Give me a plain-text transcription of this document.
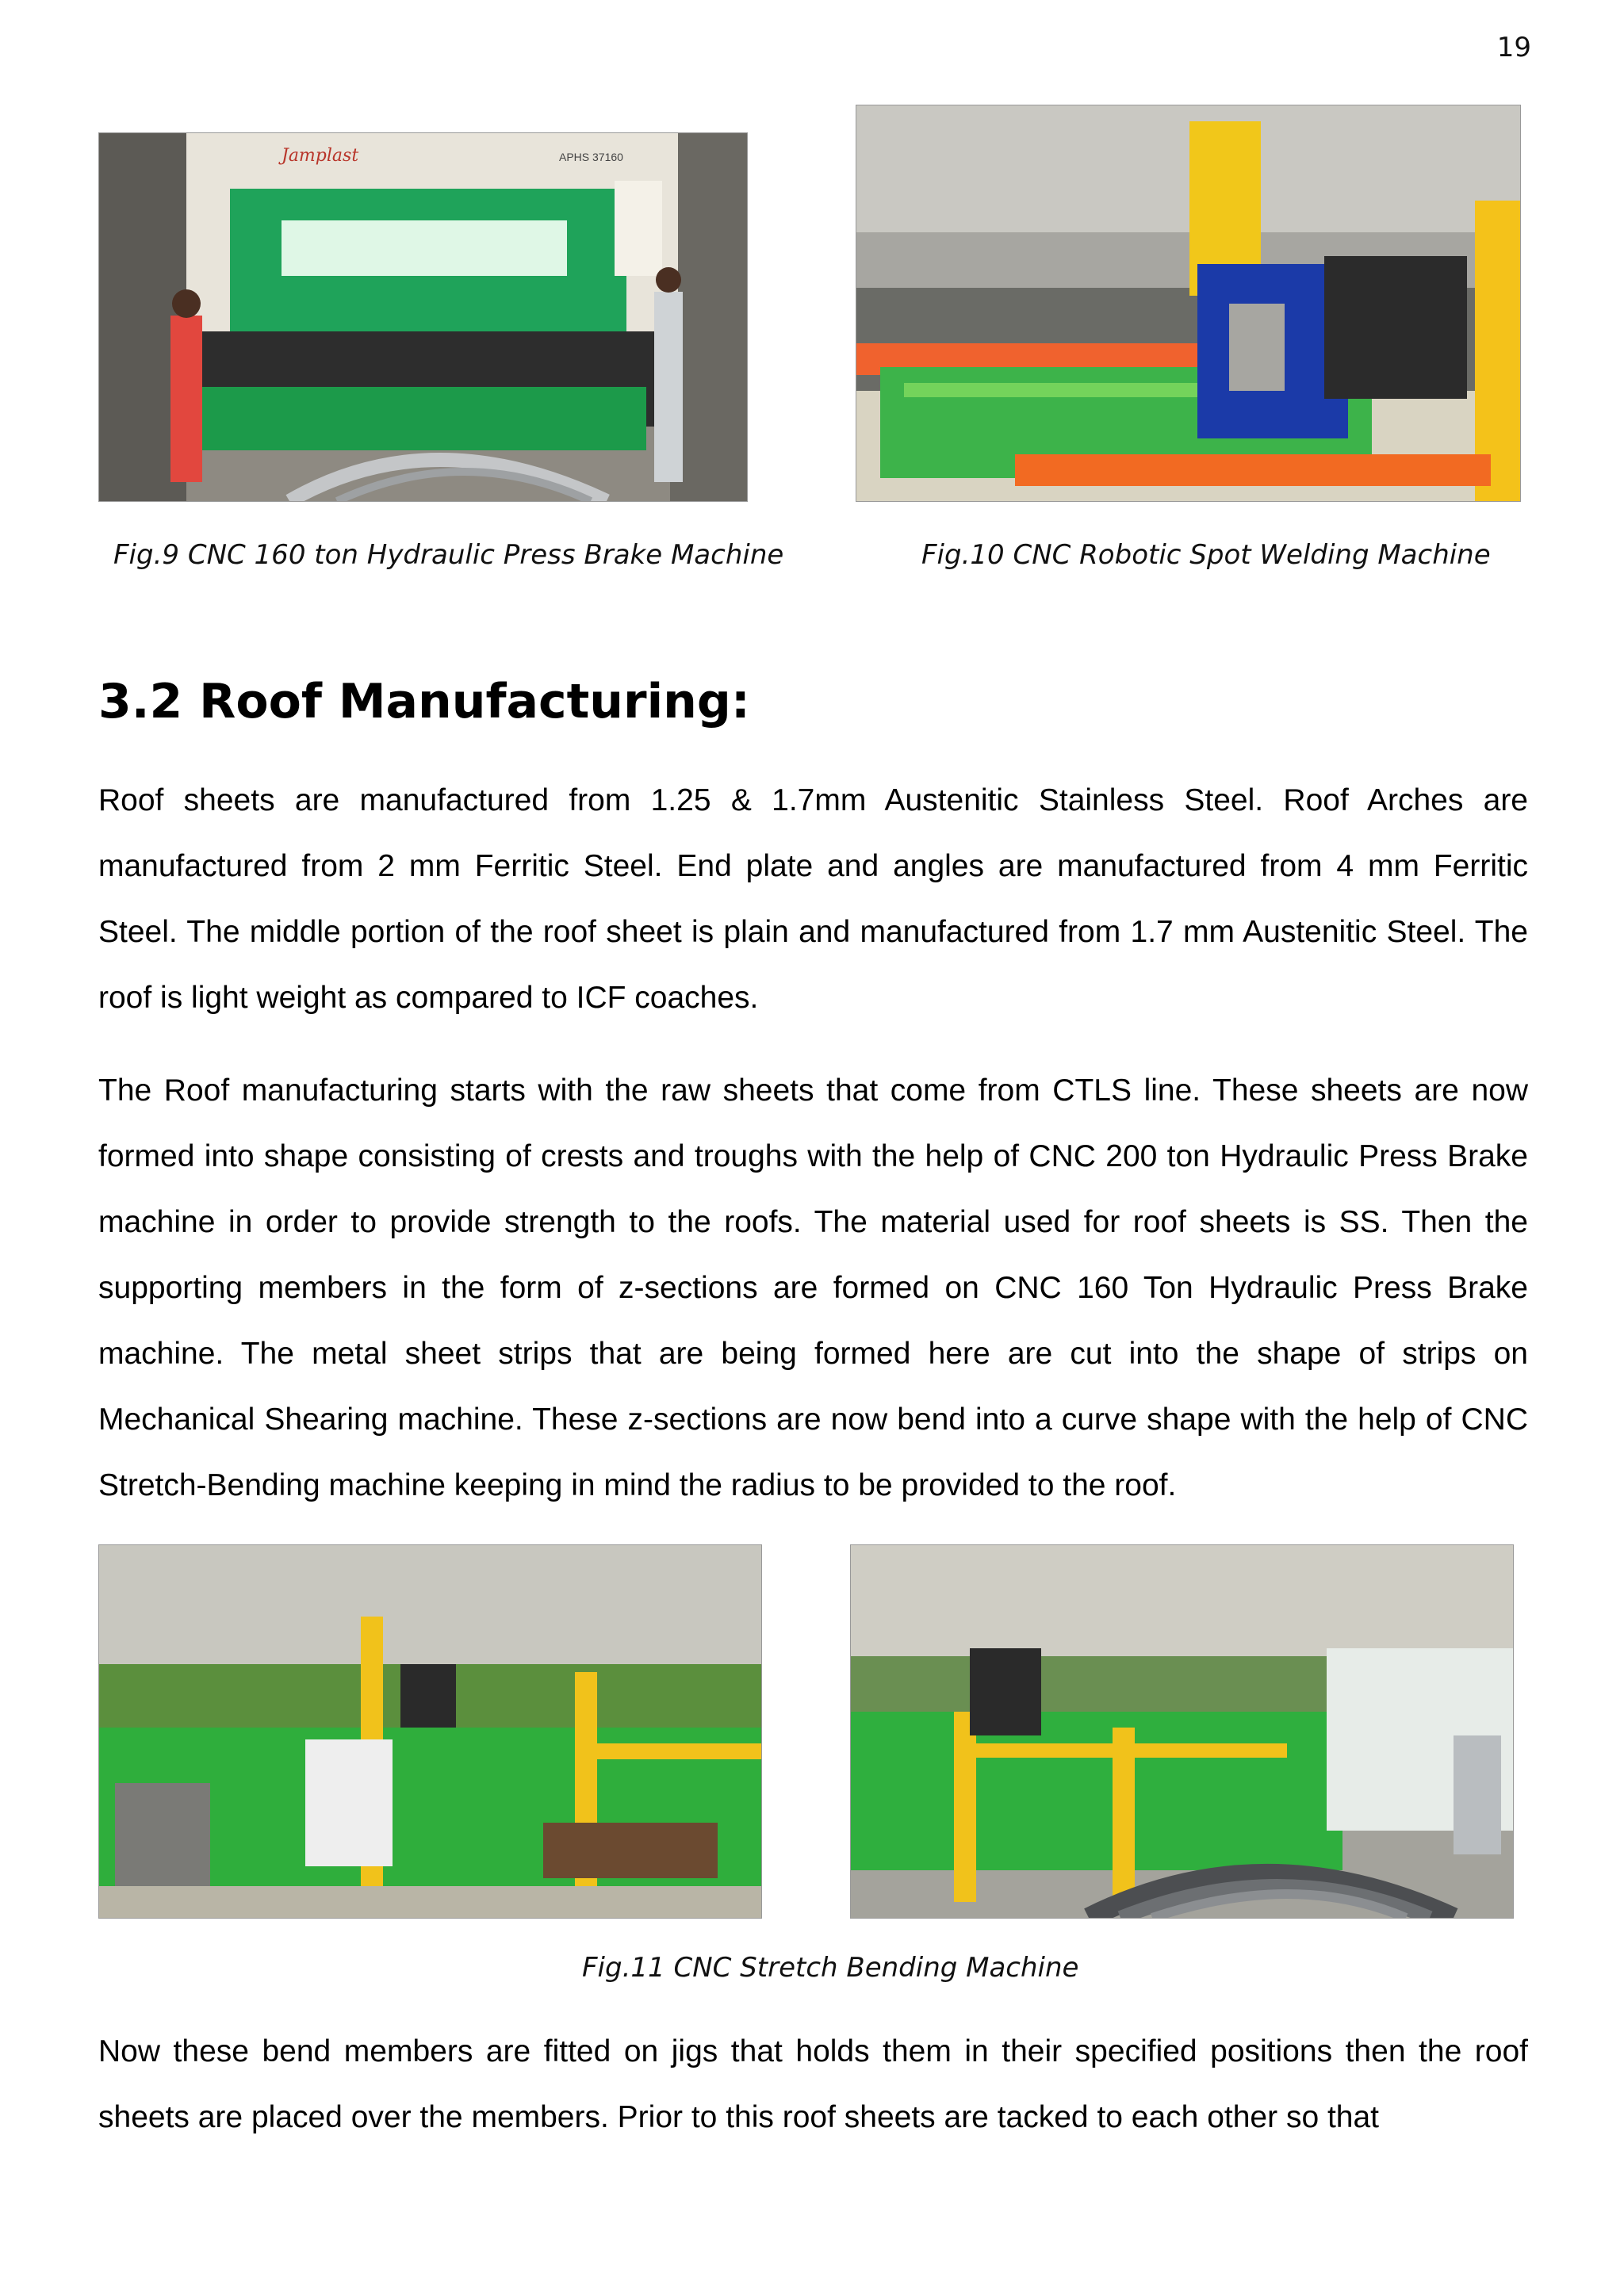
19
Jamplast	APHS 37160
Fig.9 CNC 160 ton Hydraulic Press Brake Machine	Fig.10 CNC Robotic Spot Welding Machine
3.2 Roof Manufacturing:

Roof sheets are manufactured from 1.25 & 1.7mm Austenitic Stainless Steel. Roof Arches are manufactured from 2 mm Ferritic Steel. End plate and angles are manufactured from 4 mm Ferritic Steel. The middle portion of the roof sheet is plain and manufactured from 1.7 mm Austenitic Steel. The roof is light weight as compared to ICF coaches.

The Roof manufacturing starts with the raw sheets that come from CTLS line. These sheets are now formed into shape consisting of crests and troughs with the help of CNC 200 ton Hydraulic Press Brake machine in order to provide strength to the roofs. The material used for roof sheets is SS. Then the supporting members in the form of z-sections are formed on CNC 160 Ton Hydraulic Press Brake machine. The metal sheet strips that are being formed here are cut into the shape of strips on Mechanical Shearing machine. These z-sections are now bend into a curve shape with the help of CNC Stretch-Bending machine keeping in mind the radius to be provided to the roof.

Fig.11 CNC Stretch Bending Machine

Now these bend members are fitted on jigs that holds them in their specified positions then the roof sheets are placed over the members. Prior to this roof sheets are tacked to each other so that
